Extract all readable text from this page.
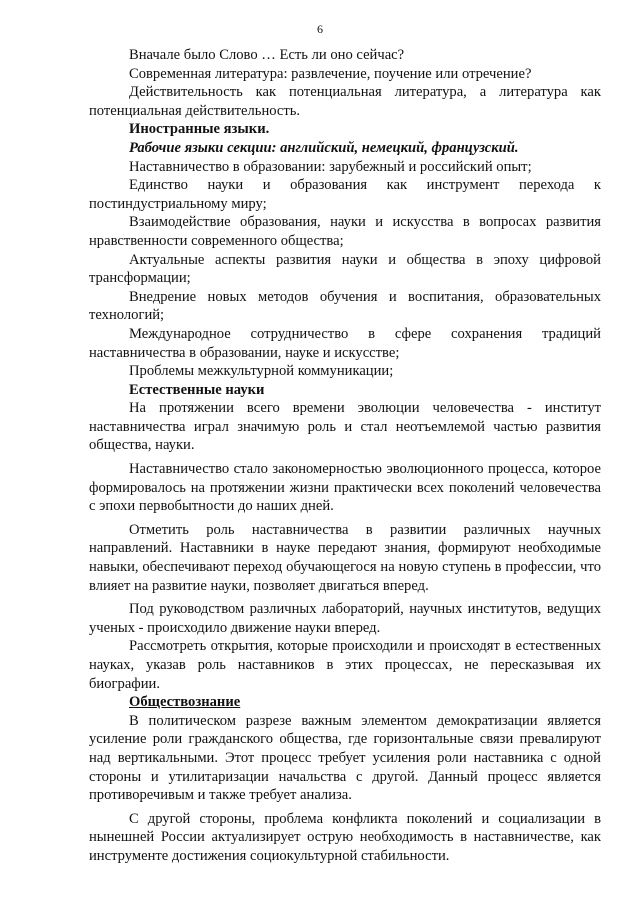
6

Вначале было Слово … Есть ли оно сейчас?

Современная литература: развлечение, поучение или отречение?

Действительность как потенциальная литература, а литература как потенциальная действительность.

Иностранные языки.

Рабочие языки секции: английский, немецкий, французский.

Наставничество в образовании: зарубежный и российский опыт;

Единство науки и образования как инструмент перехода к постиндустриальному миру;

Взаимодействие образования, науки и искусства в вопросах развития нравственности современного общества;

Актуальные аспекты развития науки и общества в эпоху цифровой трансформации;

Внедрение новых методов обучения и воспитания, образовательных технологий;

Международное сотрудничество в сфере сохранения традиций наставничества в образовании, науке и искусстве;

Проблемы межкультурной коммуникации;

Естественные науки

На протяжении всего времени эволюции человечества - институт наставничества играл значимую роль и стал неотъемлемой частью развития общества, науки.

Наставничество стало закономерностью эволюционного процесса, которое формировалось на протяжении жизни практически всех поколений человечества с эпохи первобытности до наших дней.

Отметить роль наставничества в развитии различных научных направлений. Наставники в науке передают знания, формируют необходимые навыки, обеспечивают переход обучающегося на новую ступень в профессии, что влияет на развитие науки, позволяет двигаться вперед.

Под руководством различных лабораторий, научных институтов, ведущих ученых - происходило движение науки вперед.

Рассмотреть открытия, которые происходили и происходят в естественных науках, указав роль наставников в этих процессах, не пересказывая их биографии.

Обществознание

В политическом разрезе важным элементом демократизации является усиление роли гражданского общества, где горизонтальные связи превалируют над вертикальными. Этот процесс требует усиления роли наставника с одной стороны и утилитаризации начальства с другой. Данный процесс является противоречивым и также требует анализа.

С другой стороны, проблема конфликта поколений и социализации в нынешней России актуализирует острую необходимость в наставничестве, как инструменте достижения социокультурной стабильности.
